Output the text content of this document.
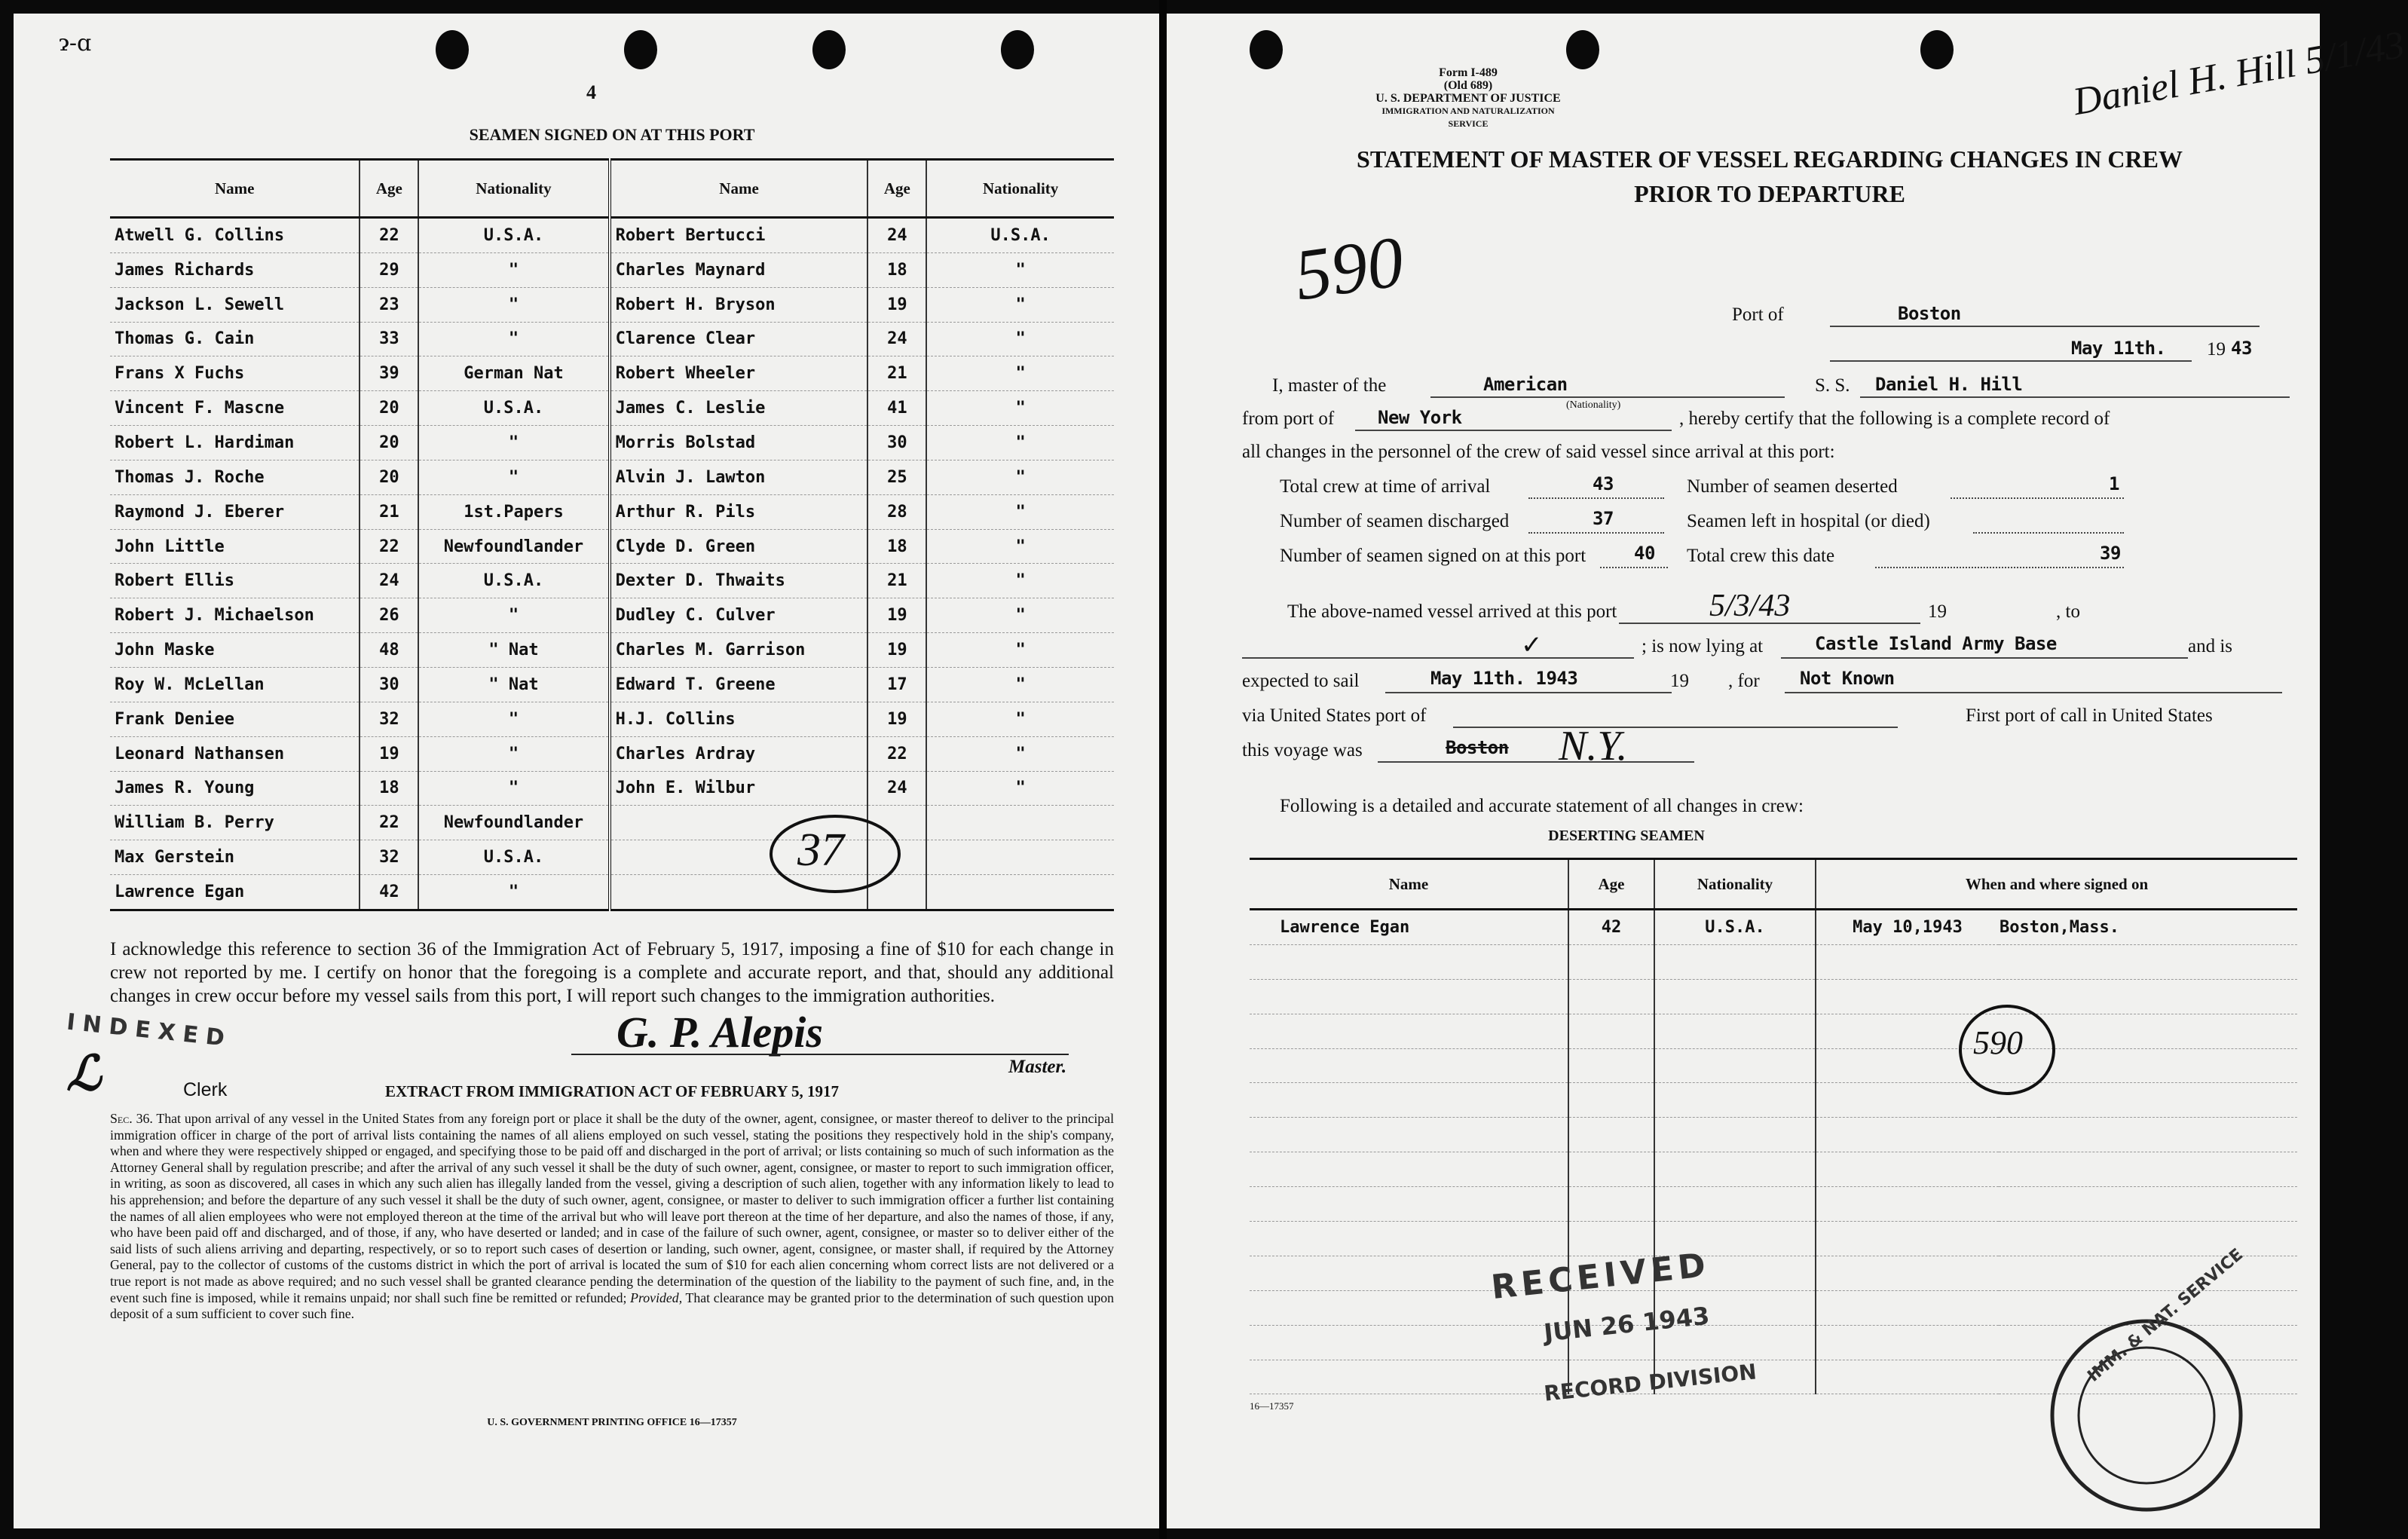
ɂ-ɑ
4
SEAMEN SIGNED ON AT THIS PORT
Name	Age	Nationality	Name	Age	Nationality
Atwell G. Collins	22	U.S.A.	Robert Bertucci	24	U.S.A.
James Richards	29	"	Charles Maynard	18	"
Jackson L. Sewell	23	"	Robert H. Bryson	19	"
Thomas G. Cain	33	"	Clarence Clear	24	"
Frans X Fuchs	39	German Nat	Robert Wheeler	21	"
Vincent F. Mascne	20	U.S.A.	James C. Leslie	41	"
Robert L. Hardiman	20	"	Morris Bolstad	30	"
Thomas J. Roche	20	"	Alvin J. Lawton	25	"
Raymond J. Eberer	21	1st.Papers	Arthur R. Pils	28	"
John Little	22	Newfoundlander	Clyde D. Green	18	"
Robert Ellis	24	U.S.A.	Dexter D. Thwaits	21	"
Robert J. Michaelson	26	"	Dudley C. Culver	19	"
John Maske	48	" Nat	Charles M. Garrison	19	"
Roy W. McLellan	30	" Nat	Edward T. Greene	17	"
Frank Deniee	32	"	H.J. Collins	19	"
Leonard Nathansen	19	"	Charles Ardray	22	"
James R. Young	18	"	John E. Wilbur	24	"
William B. Perry	22	Newfoundlander			
Max Gerstein	32	U.S.A.			
Lawrence Egan	42	"			
37
I acknowledge this reference to section 36 of the Immigration Act of February 5, 1917, imposing a fine of $10 for each change in crew not reported by me. I certify on honor that the foregoing is a complete and accurate report, and that, should any additional changes in crew occur before my vessel sails from this port, I will report such changes to the immigration authorities.
G. P. Alepis
Master.
INDEXED
ℒ	Clerk	EXTRACT FROM IMMIGRATION ACT OF FEBRUARY 5, 1917
Sec. 36. That upon arrival of any vessel in the United States from any foreign port or place it shall be the duty of the owner, agent, consignee, or master thereof to deliver to the principal immigration officer in charge of the port of arrival lists containing the names of all aliens employed on such vessel, stating the positions they respectively hold in the ship's company, when and where they were respectively shipped or engaged, and specifying those to be paid off and discharged in the port of arrival; or lists containing so much of such information as the Attorney General shall by regulation prescribe; and after the arrival of any such vessel it shall be the duty of such owner, agent, consignee, or master to report to such immigration officer, in writing, as soon as discovered, all cases in which any such alien has illegally landed from the vessel, giving a description of such alien, together with any information likely to lead to his apprehension; and before the departure of any such vessel it shall be the duty of such owner, agent, consignee, or master to deliver to such immigration officer a further list containing the names of all alien employees who were not employed thereon at the time of the arrival but who will leave port thereon at the time of her departure, and also the names of those, if any, who have been paid off and discharged, and of those, if any, who have deserted or landed; and in case of the failure of such owner, agent, consignee, or master so to deliver either of the said lists of such aliens arriving and departing, respectively, or so to report such cases of desertion or landing, such owner, agent, consignee, or master shall, if required by the Attorney General, pay to the collector of customs of the customs district in which the port of arrival is located the sum of $10 for each alien concerning whom correct lists are not delivered or a true report is not made as above required; and no such vessel shall be granted clearance pending the determination of the question of the liability to the payment of such fine, and, in the event such fine is imposed, while it remains unpaid; nor shall such fine be remitted or refunded; Provided, That clearance may be granted prior to the determination of such question upon deposit of a sum sufficient to cover such fine.
U. S. GOVERNMENT PRINTING OFFICE 16—17357
Form I-489
(Old 689)
U. S. DEPARTMENT OF JUSTICE
IMMIGRATION AND NATURALIZATION SERVICE	Daniel H. Hill 5/1/43
STATEMENT OF MASTER OF VESSEL REGARDING CHANGES IN CREW
PRIOR TO DEPARTURE
590	Port of	Boston
May 11th. 19 43
I, master of the	American
(Nationality)
S. S. Daniel H. Hill
from port of New York	, hereby certify that the following is a complete record of
all changes in the personnel of the crew of said vessel since arrival at this port:
Total crew at time of arrival	43	Number of seamen deserted	1
Number of seamen discharged	37	Seamen left in hospital (or died)
Number of seamen signed on at this port	40 Total crew this date	39
The above-named vessel arrived at this port	5/3/43	19	, to
✓	; is now lying at	Castle Island Army Base	and is
expected to sail	May 11th. 1943	19 , for Not Known
via United States port of	First port of call in United States
this voyage was	Boston N.Y.
Following is a detailed and accurate statement of all changes in crew:
DESERTING SEAMEN
Name	Age	Nationality	When and where signed on	
Lawrence Egan	42	U.S.A.	May 10,1943	Boston,Mass.

590
RECEIVED
JUN 26 1943
RECORD DIVISION	IMM. & NAT. SERVICE
16—17357
